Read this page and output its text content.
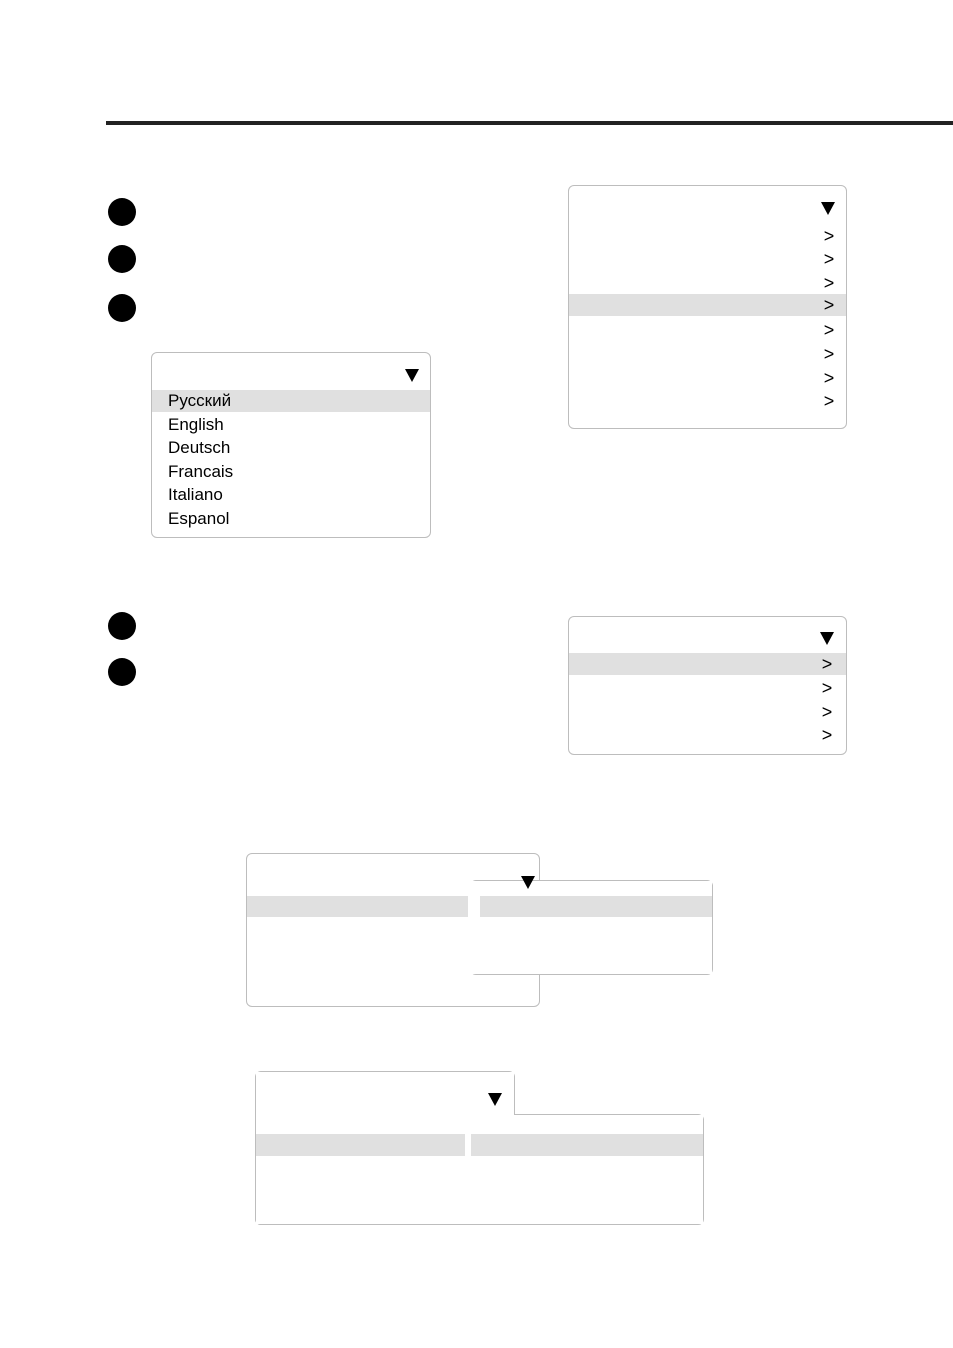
Русский
English
Deutsch
Francais
Italiano
Espanol
>
>
>
>
>
>
>
>
>
>
>
>
